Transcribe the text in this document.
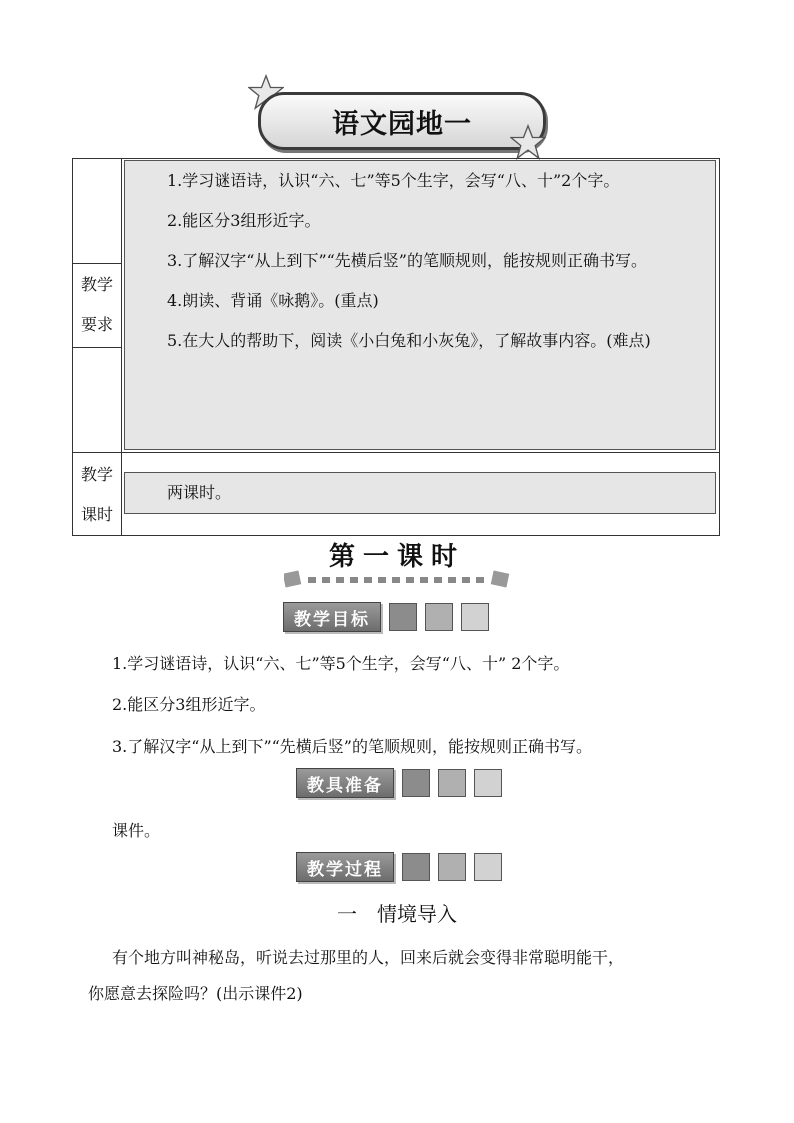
语文园地一
教学
要求
教学
课时

1.学习谜语诗，认识“六、七”等5个生字，会写“八、十”2个字。

2.能区分3组形近字。

3.了解汉字“从上到下”“先横后竖”的笔顺规则，能按规则正确书写。

4.朗读、背诵《咏鹅》。(重点)

5.在大人的帮助下，阅读《小白兔和小灰兔》，了解故事内容。(难点)

两课时。
第一课时
教学目标

1.学习谜语诗，认识“六、七”等5个生字，会写“八、十” 2个字。

2.能区分3组形近字。

3.了解汉字“从上到下”“先横后竖”的笔顺规则，能按规则正确书写。

教具准备

课件。

教学过程
一　情境导入
有个地方叫神秘岛，听说去过那里的人，回来后就会变得非常聪明能干，
你愿意去探险吗？(出示课件2)
